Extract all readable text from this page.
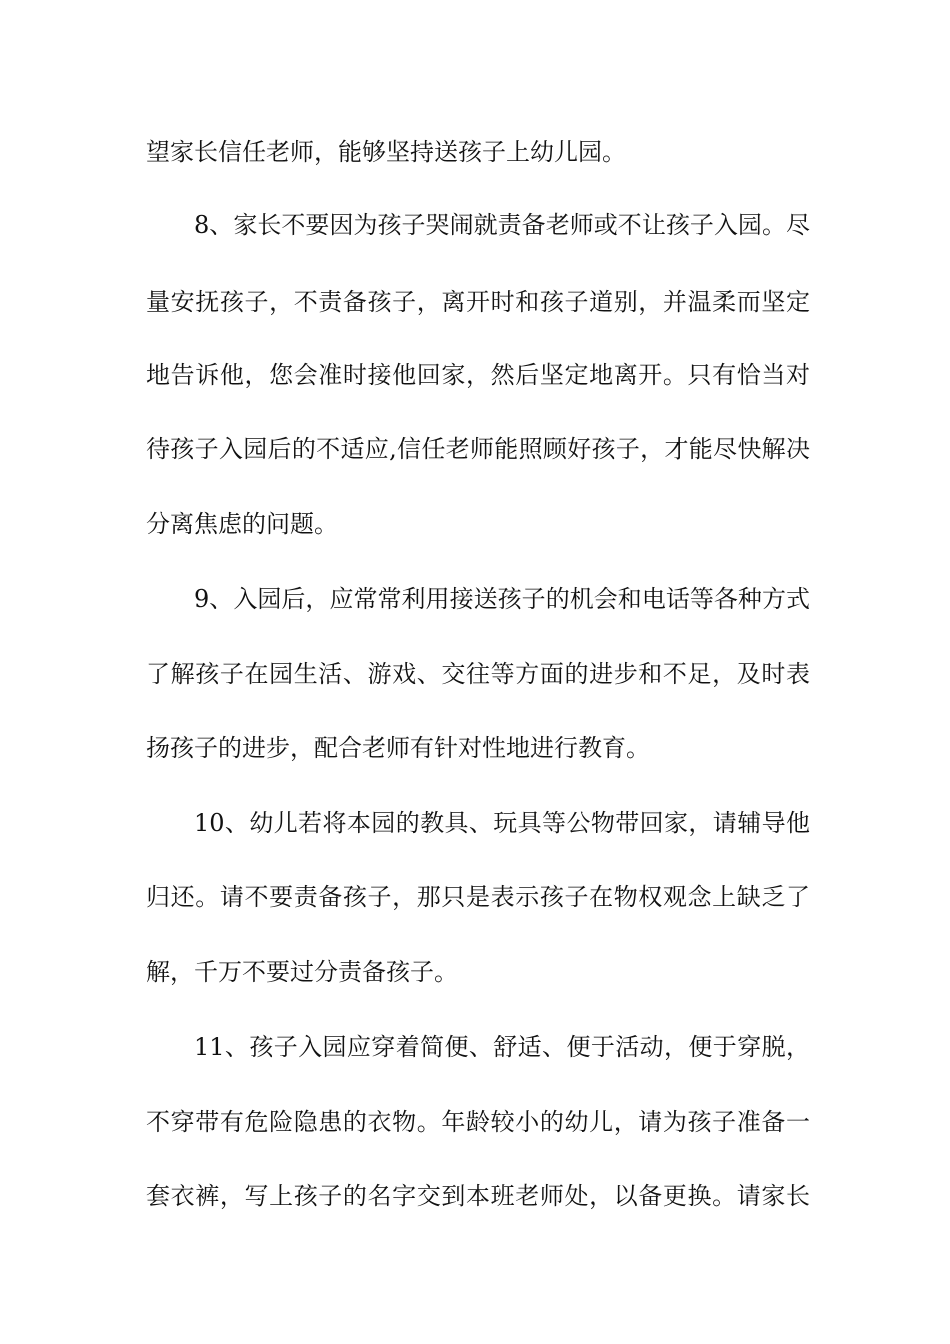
望家长信任老师，能够坚持送孩子上幼儿园。
8、家长不要因为孩子哭闹就责备老师或不让孩子入园。尽
量安抚孩子，不责备孩子，离开时和孩子道别，并温柔而坚定
地告诉他，您会准时接他回家，然后坚定地离开。只有恰当对
待孩子入园后的不适应,信任老师能照顾好孩子，才能尽快解决
分离焦虑的问题。
9、入园后，应常常利用接送孩子的机会和电话等各种方式
了解孩子在园生活、游戏、交往等方面的进步和不足，及时表
扬孩子的进步，配合老师有针对性地进行教育。
10、幼儿若将本园的教具、玩具等公物带回家，请辅导他
归还。请不要责备孩子，那只是表示孩子在物权观念上缺乏了
解，千万不要过分责备孩子。
11、孩子入园应穿着简便、舒适、便于活动，便于穿脱，
不穿带有危险隐患的衣物。年龄较小的幼儿，请为孩子准备一
套衣裤，写上孩子的名字交到本班老师处，以备更换。请家长
